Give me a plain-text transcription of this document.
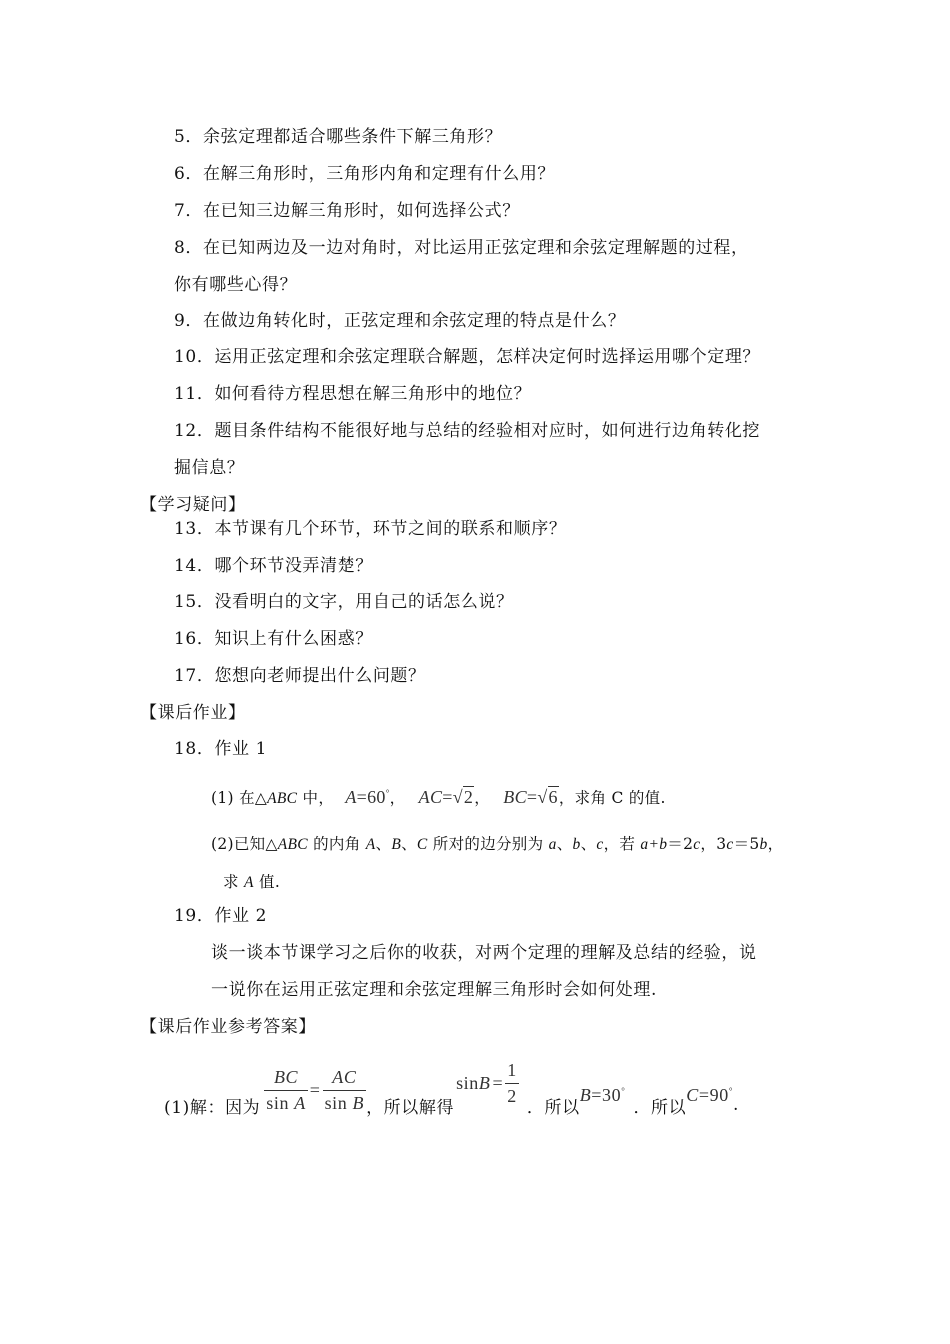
5．余弦定理都适合哪些条件下解三角形？
6．在解三角形时，三角形内角和定理有什么用？
7．在已知三边解三角形时，如何选择公式？
8．在已知两边及一边对角时，对比运用正弦定理和余弦定理解题的过程，
你有哪些心得？
9．在做边角转化时，正弦定理和余弦定理的特点是什么？
10．运用正弦定理和余弦定理联合解题，怎样决定何时选择运用哪个定理？
11．如何看待方程思想在解三角形中的地位？
12．题目条件结构不能很好地与总结的经验相对应时，如何进行边角转化挖
掘信息？
【学习疑问】
13．本节课有几个环节，环节之间的联系和顺序？
14．哪个环节没弄清楚？
15．没看明白的文字，用自己的话怎么说？
16．知识上有什么困惑？
17．您想向老师提出什么问题？
【课后作业】
18．作业 1
(1) 在△ABC 中， A=60°， AC=√2， BC=√6，求角 C 的值.
(2)已知△ABC 的内角 A、B、C 所对的边分别为 a、b、c，若 a+b＝2c，3c＝5b，
求 A 值.
19．作业 2
谈一谈本节课学习之后你的收获，对两个定理的理解及总结的经验，说
一说你在运用正弦定理和余弦定理解三角形时会如何处理.
【课后作业参考答案】
(1)解：因为 $\frac{BC}{\text{sin A}} = \frac{AC}{\text{sin B}}$ ，所以解得
$\sin B = \frac{1}{2}$
．所以
B=30°
．所以
C=90°
.
